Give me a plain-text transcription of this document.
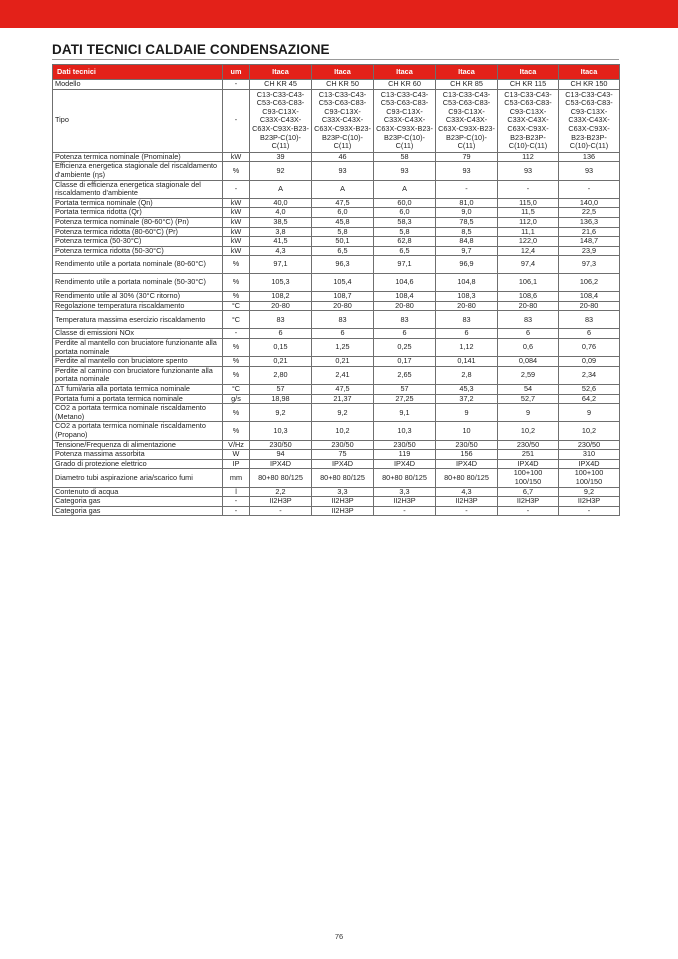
DATI TECNICI CALDAIE CONDENSAZIONE
Dati tecnici	um	Itaca	Itaca	Itaca	Itaca	Itaca	Itaca
Modello	-	CH KR 45	CH KR 50	CH KR 60	CH KR 85	CH KR 115	CH KR 150
Tipo	-	C13-C33-C43-C53-C63-C83-C93-C13X-C33X-C43X-C63X-C93X-B23-B23P-C(10)-C(11)	C13-C33-C43-C53-C63-C83-C93-C13X-C33X-C43X-C63X-C93X-B23-B23P-C(10)-C(11)	C13-C33-C43-C53-C63-C83-C93-C13X-C33X-C43X-C63X-C93X-B23-B23P-C(10)-C(11)	C13-C33-C43-C53-C63-C83-C93-C13X-C33X-C43X-C63X-C93X-B23-B23P-C(10)-C(11)	C13-C33-C43-C53-C63-C83-C93-C13X-C33X-C43X-C63X-C93X-B23-B23P-C(10)-C(11)	C13-C33-C43-C53-C63-C83-C93-C13X-C33X-C43X-C63X-C93X-B23-B23P-C(10)-C(11)
Potenza termica nominale (Pnominale)	kW	39	46	58	79	112	136
Efficienza energetica stagionale del riscaldamento d'ambiente (ηs)	%	92	93	93	93	93	93
Classe di efficienza energetica stagionale del riscaldamento d'ambiente	-	A	A	A	-	-	-
Portata termica nominale (Qn)	kW	40,0	47,5	60,0	81,0	115,0	140,0
Portata termica ridotta (Qr)	kW	4,0	6,0	6,0	9,0	11,5	22,5
Potenza termica nominale (80-60°C) (Pn)	kW	38,5	45,8	58,3	78,5	112,0	136,3
Potenza termica ridotta (80-60°C) (Pr)	kW	3,8	5,8	5,8	8,5	11,1	21,6
Potenza termica (50-30°C)	kW	41,5	50,1	62,8	84,8	122,0	148,7
Potenza termica ridotta (50-30°C)	kW	4,3	6,5	6,5	9,7	12,4	23,9
Rendimento utile a portata nominale (80-60°C)	%	97,1	96,3	97,1	96,9	97,4	97,3
Rendimento utile a portata nominale (50-30°C)	%	105,3	105,4	104,6	104,8	106,1	106,2
Rendimento utile al 30% (30°C ritorno)	%	108,2	108,7	108,4	108,3	108,6	108,4
Regolazione temperatura riscaldamento	°C	20-80	20-80	20-80	20-80	20-80	20-80
Temperatura massima esercizio riscaldamento	°C	83	83	83	83	83	83
Classe di emissioni NOx	-	6	6	6	6	6	6
Perdite al mantello con bruciatore funzionante alla portata nominale	%	0,15	1,25	0,25	1,12	0,6	0,76
Perdite al mantello con bruciatore spento	%	0,21	0,21	0,17	0,141	0,084	0,09
Perdite al camino con bruciatore funzionante alla portata nominale	%	2,80	2,41	2,65	2,8	2,59	2,34
ΔT fumi/aria alla portata termica nominale	°C	57	47,5	57	45,3	54	52,6
Portata fumi a portata termica nominale	g/s	18,98	21,37	27,25	37,2	52,7	64,2
CO2 a portata termica nominale riscaldamento (Metano)	%	9,2	9,2	9,1	9	9	9
CO2 a portata termica nominale riscaldamento (Propano)	%	10,3	10,2	10,3	10	10,2	10,2
Tensione/Frequenza di alimentazione	V/Hz	230/50	230/50	230/50	230/50	230/50	230/50
Potenza massima assorbita	W	94	75	119	156	251	310
Grado di protezione elettrico	IP	IPX4D	IPX4D	IPX4D	IPX4D	IPX4D	IPX4D
Diametro tubi aspirazione aria/scarico fumi	mm	80+80 80/125	80+80 80/125	80+80 80/125	80+80 80/125	100+100 100/150	100+100 100/150
Contenuto di acqua	l	2,2	3,3	3,3	4,3	6,7	9,2
Categoria gas	-	II2H3P	II2H3P	II2H3P	II2H3P	II2H3P	II2H3P
Categoria gas	-	-	II2H3P	-	-	-	-
76
